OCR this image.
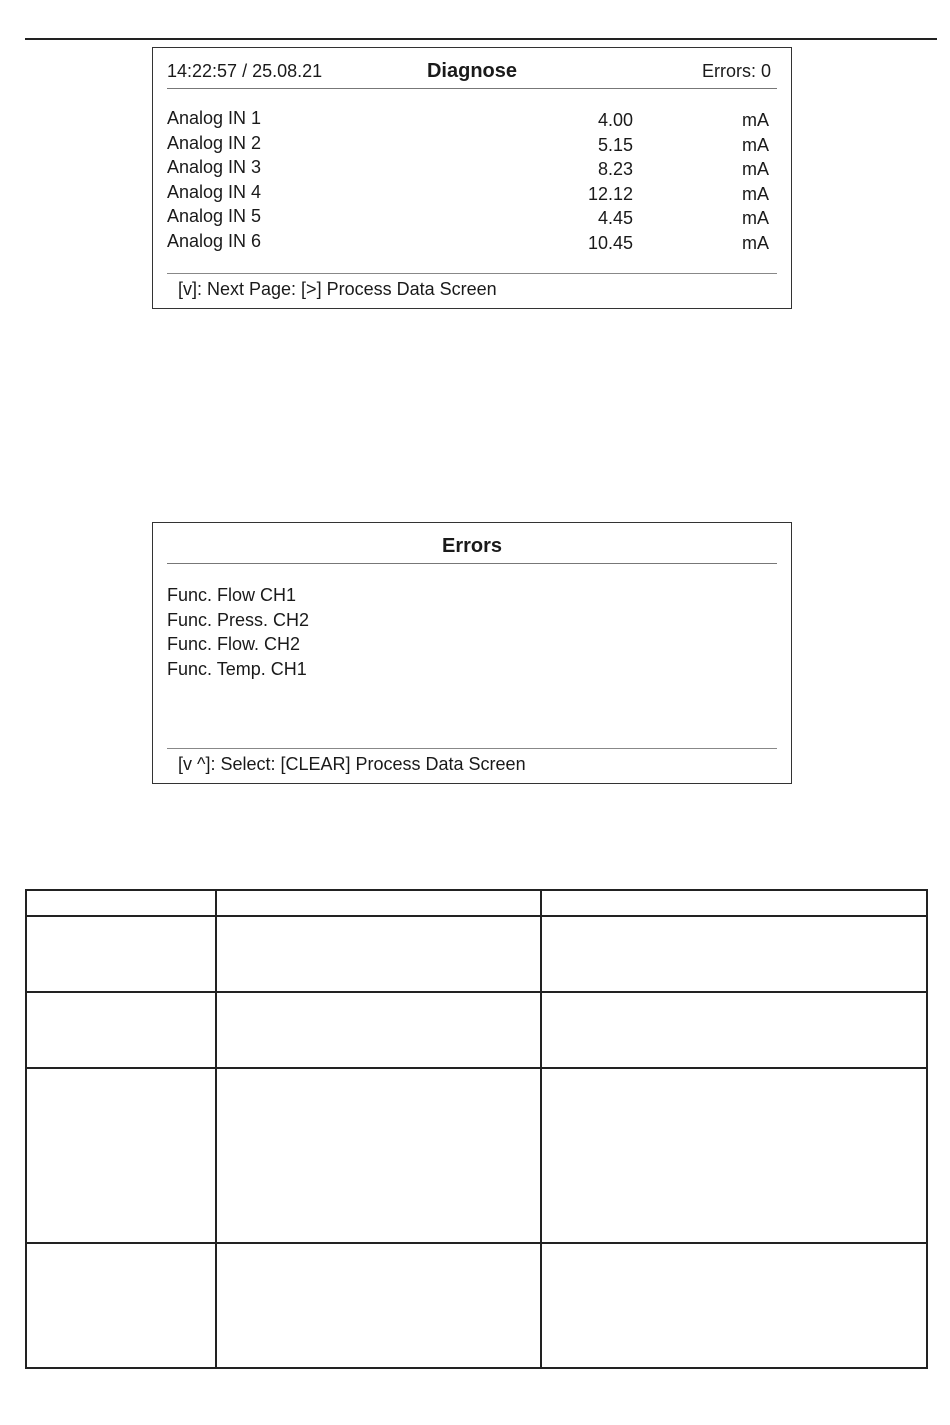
14:22:57 / 25.08.21	Diagnose	Errors: 0
Analog IN 1	4.00	mA
Analog IN 2	5.15	mA
Analog IN 3	8.23	mA
Analog IN 4	12.12	mA
Analog IN 5	4.45	mA
Analog IN 6	10.45	mA
[v]: Next Page: [>] Process Data Screen
Errors
Func. Flow CH1
Func. Press. CH2
Func. Flow. CH2
Func. Temp. CH1
[v ^]: Select: [CLEAR] Process Data Screen
